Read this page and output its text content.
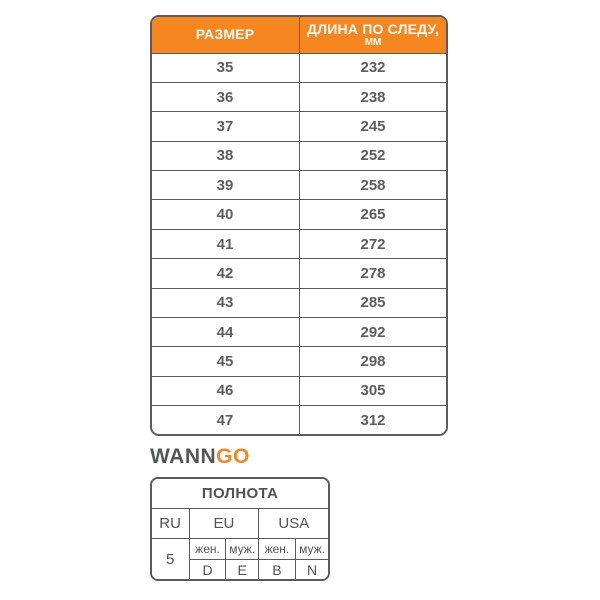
РАЗМЕР	ДЛИНА ПО СЛЕДУ,
ММ

35	232
36	238
37	245
38	252
39	258
40	265
41	272
42	278
43	285
44	292
45	298
46	305
47	312
WANNGO
ПОЛНОТА				
RU	EU		USA	
5	жен.	муж.	жен.	муж.
	D	E	B	N
